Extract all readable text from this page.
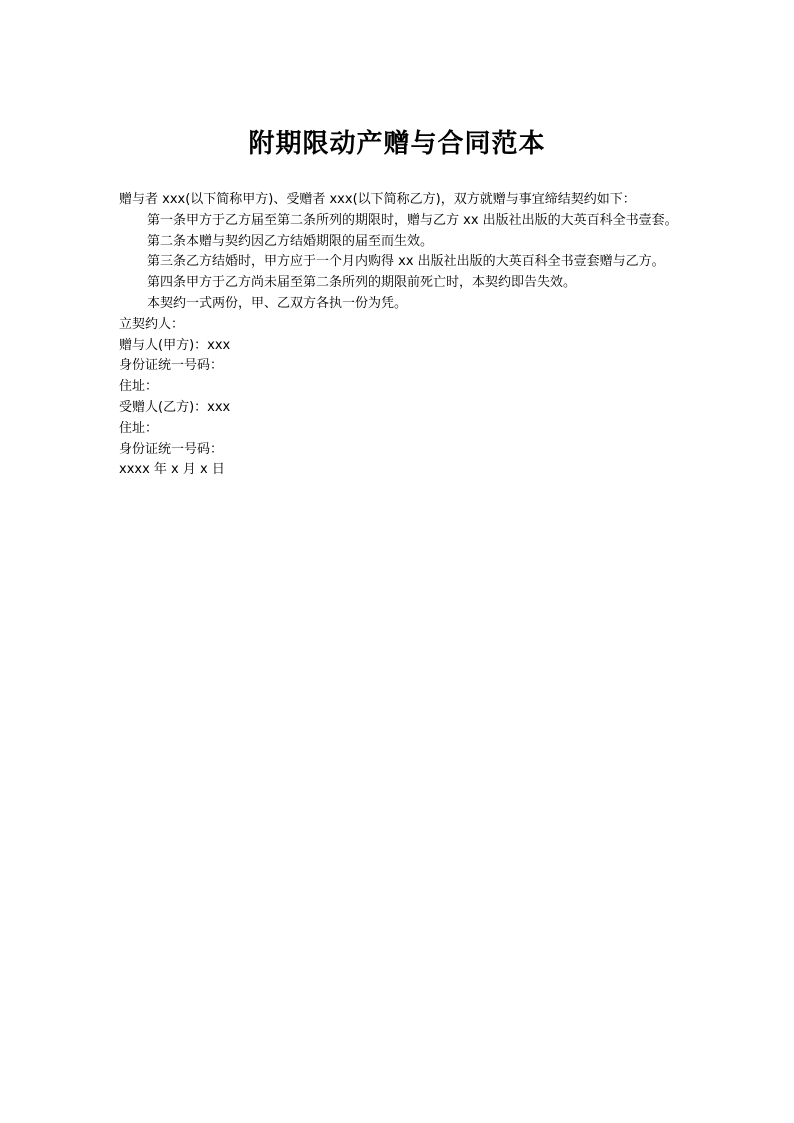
附期限动产赠与合同范本

赠与者 xxx(以下简称甲方)、受赠者 xxx(以下简称乙方)，双方就赠与事宜缔结契约如下：

第一条甲方于乙方届至第二条所列的期限时，赠与乙方 xx 出版社出版的大英百科全书壹套。

第二条本赠与契约因乙方结婚期限的届至而生效。

第三条乙方结婚时，甲方应于一个月内购得 xx 出版社出版的大英百科全书壹套赠与乙方。

第四条甲方于乙方尚未届至第二条所列的期限前死亡时，本契约即告失效。

本契约一式两份，甲、乙双方各执一份为凭。

立契约人：

赠与人(甲方)：xxx

身份证统一号码：

住址：

受赠人(乙方)：xxx

住址：

身份证统一号码：

xxxx 年 x 月 x 日
